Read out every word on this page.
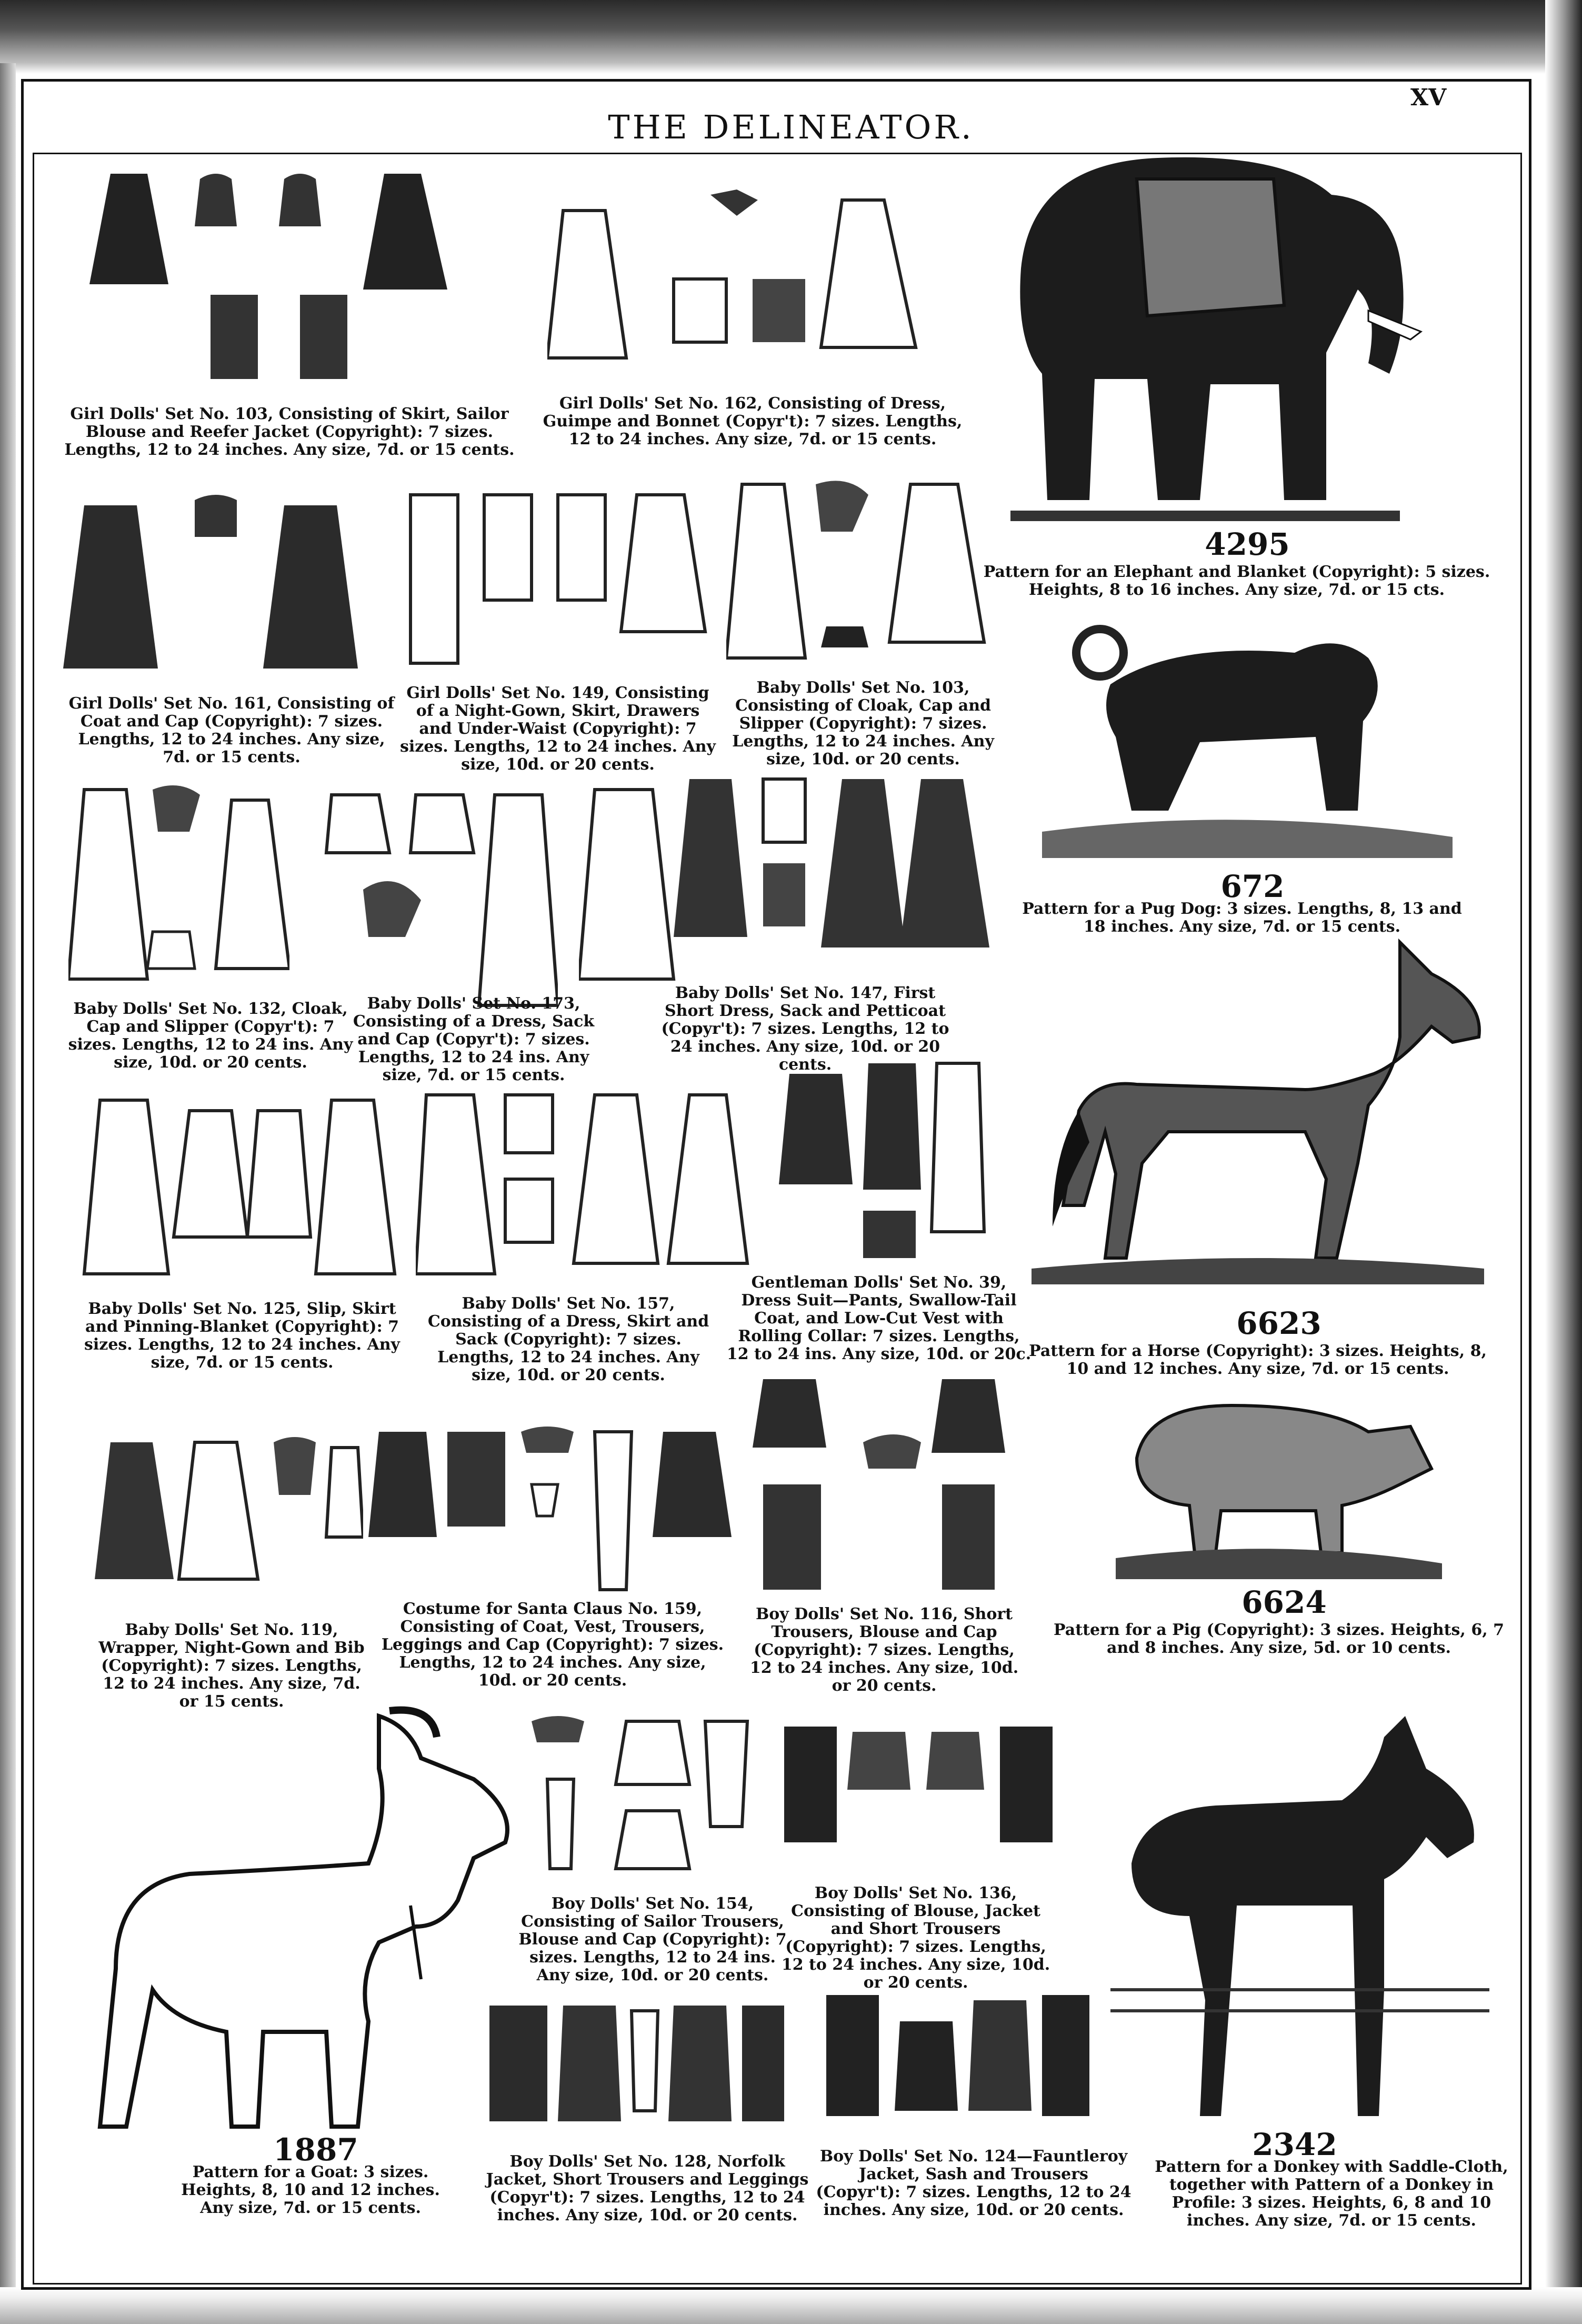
THE DELINEATOR.
XV
Girl Dolls' Set No. 103, Consisting of Skirt, Sailor Blouse and Reefer Jacket (Copyright): 7 sizes. Lengths, 12 to 24 inches. Any size, 7d. or 15 cents.
Girl Dolls' Set No. 162, Consisting of Dress, Guimpe and Bonnet (Copyr't): 7 sizes. Lengths, 12 to 24 inches. Any size, 7d. or 15 cents.
4295
Pattern for an Elephant and Blanket (Copyright): 5 sizes. Heights, 8 to 16 inches. Any size, 7d. or 15 cts.
Girl Dolls' Set No. 161, Consisting of Coat and Cap (Copyright): 7 sizes. Lengths, 12 to 24 inches. Any size, 7d. or 15 cents.
Girl Dolls' Set No. 149, Consisting of a Night-Gown, Skirt, Drawers and Under-Waist (Copyright): 7 sizes. Lengths, 12 to 24 inches. Any size, 10d. or 20 cents.
Baby Dolls' Set No. 103, Consisting of Cloak, Cap and Slipper (Copyright): 7 sizes. Lengths, 12 to 24 inches. Any size, 10d. or 20 cents.
672
Pattern for a Pug Dog: 3 sizes. Lengths, 8, 13 and 18 inches. Any size, 7d. or 15 cents.
Baby Dolls' Set No. 132, Cloak, Cap and Slipper (Copyr't): 7 sizes. Lengths, 12 to 24 ins. Any size, 10d. or 20 cents.
Baby Dolls' Set No. 173, Consisting of a Dress, Sack and Cap (Copyr't): 7 sizes. Lengths, 12 to 24 ins. Any size, 7d. or 15 cents.
Baby Dolls' Set No. 147, First Short Dress, Sack and Petticoat (Copyr't): 7 sizes. Lengths, 12 to 24 inches. Any size, 10d. or 20 cents.
6623
Pattern for a Horse (Copyright): 3 sizes. Heights, 8, 10 and 12 inches. Any size, 7d. or 15 cents.
Baby Dolls' Set No. 125, Slip, Skirt and Pinning-Blanket (Copyright): 7 sizes. Lengths, 12 to 24 inches. Any size, 7d. or 15 cents.
Baby Dolls' Set No. 157, Consisting of a Dress, Skirt and Sack (Copyright): 7 sizes. Lengths, 12 to 24 inches. Any size, 10d. or 20 cents.
Gentleman Dolls' Set No. 39, Dress Suit—Pants, Swallow-Tail Coat, and Low-Cut Vest with Rolling Collar: 7 sizes. Lengths, 12 to 24 ins. Any size, 10d. or 20c.
6624
Pattern for a Pig (Copyright): 3 sizes. Heights, 6, 7 and 8 inches. Any size, 5d. or 10 cents.
Baby Dolls' Set No. 119, Wrapper, Night-Gown and Bib (Copyright): 7 sizes. Lengths, 12 to 24 inches. Any size, 7d. or 15 cents.
Costume for Santa Claus No. 159, Consisting of Coat, Vest, Trousers, Leggings and Cap (Copyright): 7 sizes. Lengths, 12 to 24 inches. Any size, 10d. or 20 cents.
Boy Dolls' Set No. 116, Short Trousers, Blouse and Cap (Copyright): 7 sizes. Lengths, 12 to 24 inches. Any size, 10d. or 20 cents.
1887
Pattern for a Goat: 3 sizes. Heights, 8, 10 and 12 inches. Any size, 7d. or 15 cents.
Boy Dolls' Set No. 154, Consisting of Sailor Trousers, Blouse and Cap (Copyright): 7 sizes. Lengths, 12 to 24 ins. Any size, 10d. or 20 cents.
Boy Dolls' Set No. 136, Consisting of Blouse, Jacket and Short Trousers (Copyright): 7 sizes. Lengths, 12 to 24 inches. Any size, 10d. or 20 cents.
2342
Pattern for a Donkey with Saddle-Cloth, together with Pattern of a Donkey in Profile: 3 sizes. Heights, 6, 8 and 10 inches. Any size, 7d. or 15 cents.
Boy Dolls' Set No. 128, Norfolk Jacket, Short Trousers and Leggings (Copyr't): 7 sizes. Lengths, 12 to 24 inches. Any size, 10d. or 20 cents.
Boy Dolls' Set No. 124—Fauntleroy Jacket, Sash and Trousers (Copyr't): 7 sizes. Lengths, 12 to 24 inches. Any size, 10d. or 20 cents.
